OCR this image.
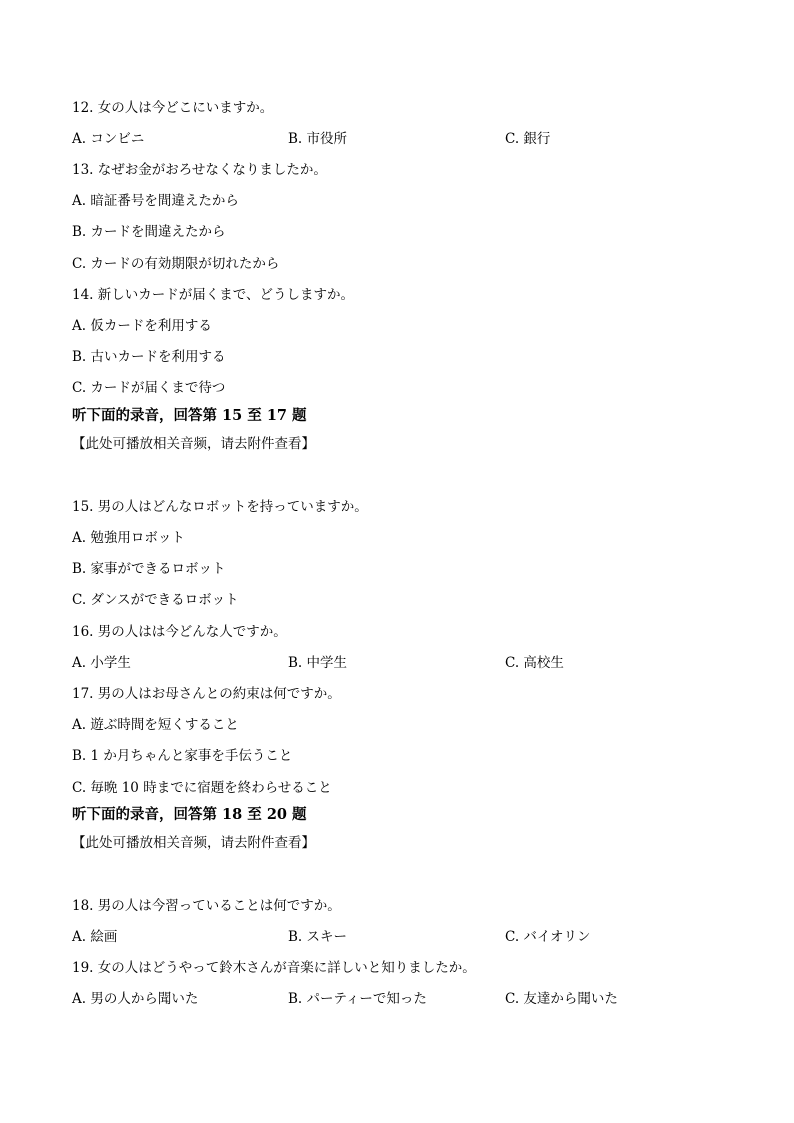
12. 女の人は今どこにいますか。
A. コンビニ	B. 市役所	C. 銀行
13. なぜお金がおろせなくなりましたか。
A. 暗証番号を間違えたから
B. カードを間違えたから
C. カードの有効期限が切れたから
14. 新しいカードが届くまで、どうしますか。
A. 仮カードを利用する
B. 古いカードを利用する
C. カードが届くまで待つ
听下面的录音，回答第 15 至 17 题
【此处可播放相关音频，请去附件查看】
15. 男の人はどんなロボットを持っていますか。
A. 勉強用ロボット
B. 家事ができるロボット
C. ダンスができるロボット
16. 男の人はは今どんな人ですか。
A. 小学生	B. 中学生	C. 高校生
17. 男の人はお母さんとの約束は何ですか。
A. 遊ぶ時間を短くすること
B. 1 か月ちゃんと家事を手伝うこと
C. 毎晩 10 時までに宿題を終わらせること
听下面的录音，回答第 18 至 20 题
【此处可播放相关音频，请去附件查看】
18. 男の人は今習っていることは何ですか。
A. 絵画	B. スキー	C. バイオリン
19. 女の人はどうやって鈴木さんが音楽に詳しいと知りましたか。
A. 男の人から聞いた	B. パーティーで知った	C. 友達から聞いた
